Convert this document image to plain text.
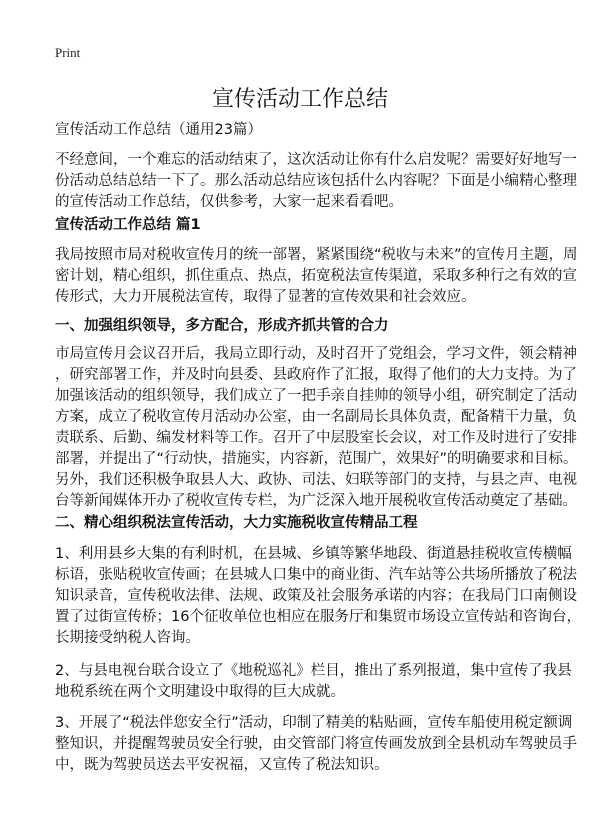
Print
宣传活动工作总结
宣传活动工作总结（通用23篇）
不经意间，一个难忘的活动结束了，这次活动让你有什么启发呢？需要好好地写一
份活动总结总结一下了。那么活动总结应该包括什么内容呢？下面是小编精心整理
的宣传活动工作总结，仅供参考，大家一起来看看吧。
宣传活动工作总结 篇1
我局按照市局对税收宣传月的统一部署，紧紧围绕“税收与未来”的宣传月主题，周
密计划，精心组织，抓住重点、热点，拓宽税法宣传渠道，采取多种行之有效的宣
传形式，大力开展税法宣传，取得了显著的宣传效果和社会效应。
一、加强组织领导，多方配合，形成齐抓共管的合力
市局宣传月会议召开后，我局立即行动，及时召开了党组会，学习文件，领会精神
，研究部署工作，并及时向县委、县政府作了汇报，取得了他们的大力支持。为了
加强该活动的组织领导，我们成立了一把手亲自挂帅的领导小组，研究制定了活动
方案，成立了税收宣传月活动办公室，由一名副局长具体负责，配备精干力量，负
责联系、后勤、编发材料等工作。召开了中层股室长会议，对工作及时进行了安排
部署，并提出了“行动快，措施实，内容新，范围广，效果好”的明确要求和目标。
另外，我们还积极争取县人大、政协、司法、妇联等部门的支持，与县之声、电视
台等新闻媒体开办了税收宣传专栏，为广泛深入地开展税收宣传活动奠定了基础。
二、精心组织税法宣传活动，大力实施税收宣传精品工程
1、利用县乡大集的有利时机，在县城、乡镇等繁华地段、街道悬挂税收宣传横幅
标语，张贴税收宣传画；在县城人口集中的商业街、汽车站等公共场所播放了税法
知识录音，宣传税收法律、法规、政策及社会服务承诺的内容；在我局门口南侧设
置了过街宣传桥；16个征收单位也相应在服务厅和集贸市场设立宣传站和咨询台，
长期接受纳税人咨询。
2、与县电视台联合设立了《地税巡礼》栏目，推出了系列报道，集中宣传了我县
地税系统在两个文明建设中取得的巨大成就。
3、开展了“税法伴您安全行”活动，印制了精美的粘贴画，宣传车船使用税定额调
整知识，并提醒驾驶员安全行驶，由交管部门将宣传画发放到全县机动车驾驶员手
中，既为驾驶员送去平安祝福，又宣传了税法知识。
